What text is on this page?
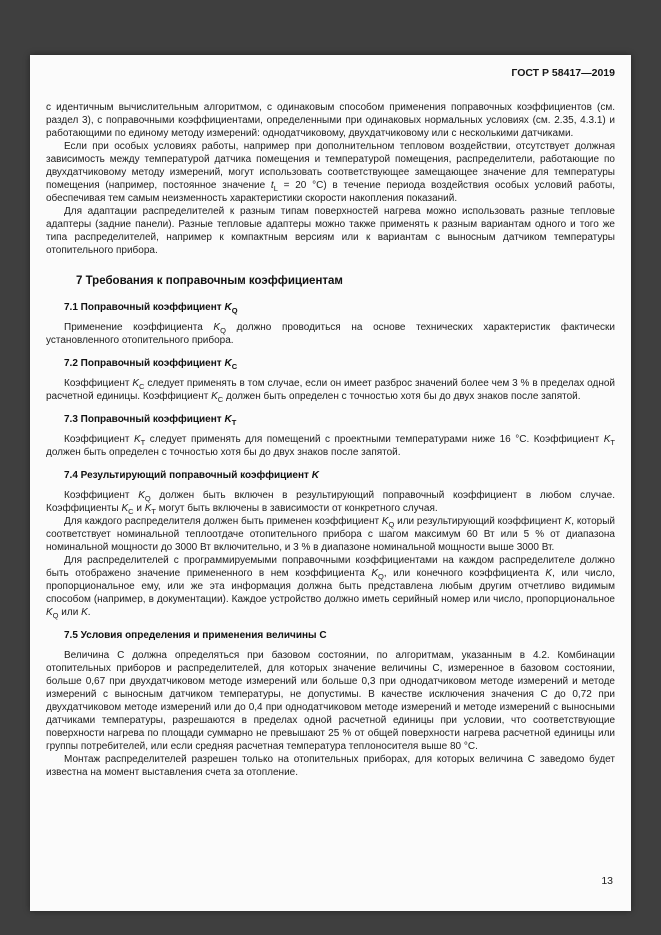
ГОСТ Р 58417—2019

с идентичным вычислительным алгоритмом, с одинаковым способом применения поправочных коэффициентов (см. раздел 3), с поправочными коэффициентами, определенными при одинаковых нормальных условиях (см. 2.35, 4.3.1) и работающими по единому методу измерений: однодатчиковому, двухдатчиковому или с несколькими датчиками.

Если при особых условиях работы, например при дополнительном тепловом воздействии, отсутствует должная зависимость между температурой датчика помещения и температурой помещения, распределители, работающие по двухдатчиковому методу измерений, могут использовать соответствующее замещающее значение для температуры помещения (например, постоянное значение $t_L = 20$ °С) в течение периода воздействия особых условий работы, обеспечивая тем самым неизменность характеристики скорости накопления показаний.

Для адаптации распределителей к разным типам поверхностей нагрева можно использовать разные тепловые адаптеры (задние панели). Разные тепловые адаптеры можно также применять к разным вариантам одного и того же типа распределителей, например к компактным версиям или к вариантам с выносным датчиком температуры отопительного прибора.

7 Требования к поправочным коэффициентам
7.1 Поправочный коэффициент $K_Q$

Применение коэффициента $K_Q$ должно проводиться на основе технических характеристик фактически установленного отопительного прибора.

7.2 Поправочный коэффициент $K_C$

Коэффициент $K_C$ следует применять в том случае, если он имеет разброс значений более чем 3 % в пределах одной расчетной единицы. Коэффициент $K_C$ должен быть определен с точностью хотя бы до двух знаков после запятой.

7.3 Поправочный коэффициент $K_T$

Коэффициент $K_T$ следует применять для помещений с проектными температурами ниже 16 °С. Коэффициент $K_T$ должен быть определен с точностью хотя бы до двух знаков после запятой.

7.4 Результирующий поправочный коэффициент K

Коэффициент $K_Q$ должен быть включен в результирующий поправочный коэффициент в любом случае. Коэффициенты $K_C$ и $K_T$ могут быть включены в зависимости от конкретного случая.

Для каждого распределителя должен быть применен коэффициент $K_Q$ или результирующий коэффициент K, который соответствует номинальной теплоотдаче отопительного прибора с шагом максимум 60 Вт или 5 % от диапазона номинальной мощности до 3000 Вт включительно, и 3 % в диапазоне номинальной мощности выше 3000 Вт.

Для распределителей с программируемыми поправочными коэффициентами на каждом распределителе должно быть отображено значение примененного в нем коэффициента $K_Q$, или конечного коэффициента K, или число, пропорциональное ему, или же эта информация должна быть представлена любым другим отчетливо видимым способом (например, в документации). Каждое устройство должно иметь серийный номер или число, пропорциональное $K_Q$ или K.

7.5 Условия определения и применения величины С

Величина С должна определяться при базовом состоянии, по алгоритмам, указанным в 4.2. Комбинации отопительных приборов и распределителей, для которых значение величины С, измеренное в базовом состоянии, больше 0,67 при двухдатчиковом методе измерений или больше 0,3 при однодатчиковом методе измерений и методе измерений с выносным датчиком температуры, не допустимы. В качестве исключения значения С до 0,72 при двухдатчиковом методе измерений или до 0,4 при однодатчиковом методе измерений и методе измерений с выносными датчиками температуры, разрешаются в пределах одной расчетной единицы при условии, что соответствующие поверхности нагрева по площади суммарно не превышают 25 % от общей поверхности нагрева расчетной единицы или группы потребителей, или если средняя расчетная температура теплоносителя выше 80 °С.

Монтаж распределителей разрешен только на отопительных приборах, для которых величина С заведомо будет известна на момент выставления счета за отопление.

13
